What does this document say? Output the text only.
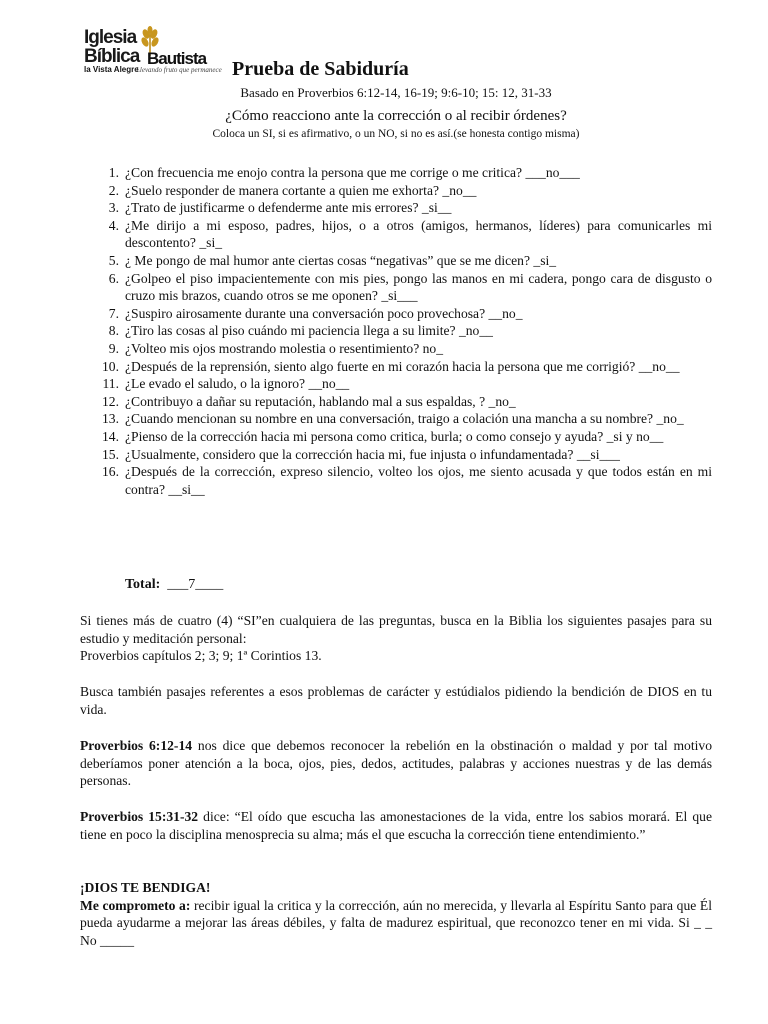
Iglesia
Bíblica Bautista
la Vista Alegre
Llevando fruto que permanece Prueba de Sabiduría
Basado en Proverbios 6:12-14, 16-19; 9:6-10; 15: 12, 31-33
¿Cómo reacciono ante la corrección o al recibir órdenes?
Coloca un SI, si es afirmativo, o un NO, si no es así.(se honesta contigo misma)
1. ¿Con frecuencia me enojo contra la persona que me corrige o me critica? ___no___
2. ¿Suelo responder de manera cortante a quien me exhorta? _no__
3. ¿Trato de justificarme o defenderme ante mis errores? _si__
4. ¿Me dirijo a mi esposo, padres, hijos, o a otros (amigos, hermanos, líderes) para comunicarles mi descontento? _si_
5. ¿ Me pongo de mal humor ante ciertas cosas “negativas” que se me dicen? _si_
6. ¿Golpeo el piso impacientemente con mis pies, pongo las manos en mi cadera, pongo cara de disgusto o cruzo mis brazos, cuando otros se me oponen? _si___
7. ¿Suspiro airosamente durante una conversación poco provechosa? __no_
8. ¿Tiro las cosas al piso cuándo mi paciencia llega a su limite? _no__
9. ¿Volteo mis ojos mostrando molestia o resentimiento? no_
10. ¿Después de la reprensión, siento algo fuerte en mi corazón hacia la persona que me corrigió? __no__
11. ¿Le evado el saludo, o la ignoro? __no__
12. ¿Contribuyo a dañar su reputación, hablando mal a sus espaldas, ? _no_
13. ¿Cuando mencionan su nombre en una conversación, traigo a colación una mancha a su nombre? _no_
14. ¿Pienso de la corrección hacia mi persona como critica, burla; o como consejo y ayuda? _si y no__
15. ¿Usualmente, considero que la corrección hacia mi, fue injusta o infundamentada? __si___
16. ¿Después de la corrección, expreso silencio, volteo los ojos, me siento acusada y que todos están en mi contra? __si__
Total: ___7____
Si tienes más de cuatro (4) “SI”en cualquiera de las preguntas, busca en la Biblia los siguientes pasajes para su estudio y meditación personal:
Proverbios capítulos 2; 3; 9; 1ª Corintios 13.
Busca también pasajes referentes a esos problemas de carácter y estúdialos pidiendo la bendición de DIOS en tu vida.
Proverbios 6:12-14 nos dice que debemos reconocer la rebelión en la obstinación o maldad y por tal motivo deberíamos poner atención a la boca, ojos, pies, dedos, actitudes, palabras y acciones nuestras y de las demás personas.
Proverbios 15:31-32 dice: “El oído que escucha las amonestaciones de la vida, entre los sabios morará. El que tiene en poco la disciplina menosprecia su alma; más el que escucha la corrección tiene entendimiento.”
¡DIOS TE BENDIGA!
Me comprometo a: recibir igual la critica y la corrección, aún no merecida, y llevarla al Espíritu Santo para que Él pueda ayudarme a mejorar las áreas débiles, y falta de madurez espiritual, que reconozco tener en mi vida. Si _ _ No _____
